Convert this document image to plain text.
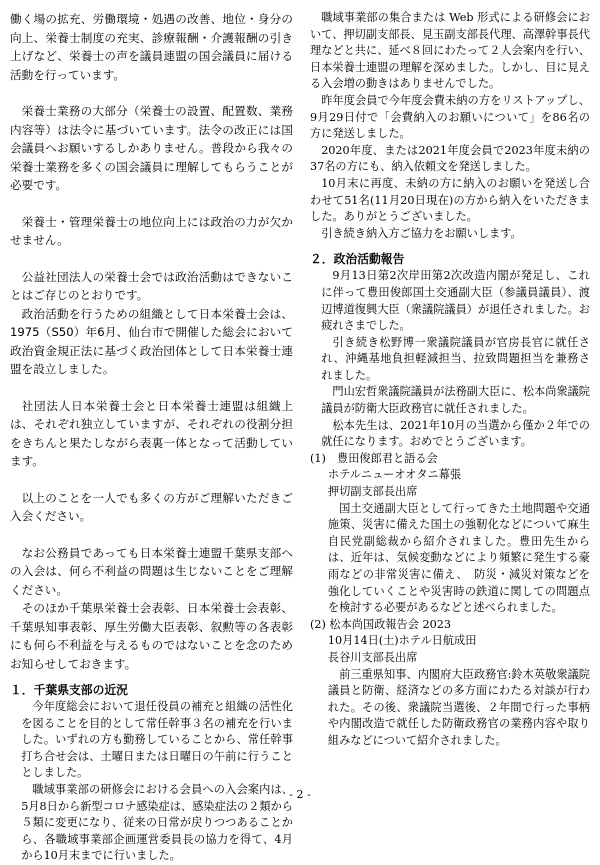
働く場の拡充、労働環境・処遇の改善、地位・身分の向上、栄養士制度の充実、診療報酬・介護報酬の引き上げなど、栄養士の声を議員連盟の国会議員に届ける活動を行っています。

栄養士業務の大部分（栄養士の設置、配置数、業務内容等）は法令に基づいています。法令の改正には国会議員へお願いするしかありません。普段から我々の栄養士業務を多くの国会議員に理解してもらうことが必要です。

栄養士・管理栄養士の地位向上には政治の力が欠かせません。

公益社団法人の栄養士会では政治活動はできないことはご存じのとおりです。

政治活動を行うための組織として日本栄養士会は、1975（S50）年6月、仙台市で開催した総会において政治資金規正法に基づく政治団体として日本栄養士連盟を設立しました。

社団法人日本栄養士会と日本栄養士連盟は組織上は、それぞれ独立していますが、それぞれの役割分担をきちんと果たしながら表裏一体となって活動しています。

以上のことを一人でも多くの方がご理解いただきご入会ください。

なお公務員であっても日本栄養士連盟千葉県支部への入会は、何ら不利益の問題は生じないことをご理解ください。

そのほか千葉県栄養士会表彰、日本栄養士会表彰、千葉県知事表彰、厚生労働大臣表彰、叙勲等の各表彰にも何ら不利益を与えるものではないことを念のためお知らせしておきます。

１．千葉県支部の近況

今年度総会において退任役員の補充と組織の活性化を図ることを目的として常任幹事３名の補充を行いました。いずれの方も勤務していることから、常任幹事打ち合せ会は、土曜日または日曜日の午前に行うこととしました。

職域事業部の研修会における会員への入会案内は、5月8日から新型コロナ感染症は、感染症法の２類から５類に変更になり、従来の日常が戻りつつあることから、各職域事業部企画運営委員長の協力を得て、4月から10月末までに行いました。

職域事業部の集合または Web 形式による研修会において、押切副支部長、見玉副支部長代理、高澤幹事長代理などと共に、延べ８回にわたって２人会案内を行い、日本栄養士連盟の理解を深めました。しかし、目に見える入会増の動きはありませんでした。

昨年度会員で今年度会費未納の方をリストアップし、9月29日付で「会費納入のお願いについて」を86名の方に発送しました。

2020年度、または2021年度会員で2023年度未納の37名の方にも、納入依頼文を発送しました。

10月末に再度、未納の方に納入のお願いを発送し合わせて51名(11月20日現在)の方から納入をいただきました。ありがとうございました。

引き続き納入方ご協力をお願いします。

２．政治活動報告

9月13日第2次岸田第2次改造内閣が発足し、これに伴って豊田俊郎国土交通副大臣（参議員議員）、渡辺博道復興大臣（衆議院議員）が退任されました。お疲れさまでした。

引き続き松野博一衆議院議員が官房長官に就任され、沖縄基地負担軽減担当、拉致問題担当を兼務されました。

門山宏哲衆議院議員が法務副大臣に、松本尚衆議院議員が防衛大臣政務官に就任されました。

松本先生は、2021年10月の当選から僅か２年での就任になります。おめでとうございます。

(1)　豊田俊郎君と語る会

ホテルニューオオタニ幕張

押切副支部長出席

国土交通副大臣として行ってきた土地問題や交通施策、災害に備えた国土の強靭化などについて麻生自民党副総裁から紹介されました。豊田先生からは、近年は、気候変動などにより頻繁に発生する豪雨などの非常災害に備え、　防災・減災対策などを強化していくことや災害時の鉄道に関しての問題点を検討する必要があるなどと述べられました。

(2) 松本尚国政報告会 2023

10月14日(土)ホテル日航成田

長谷川支部長出席

前三重県知事、内閣府大臣政務官:鈴木英敬衆議院議員と防衛、経済などの多方面にわたる対談が行われた。その後、衆議院当選後、２年間で行った事柄や内閣改造で就任した防衛政務官の業務内容や取り組みなどについて紹介されました。

- 2 -
